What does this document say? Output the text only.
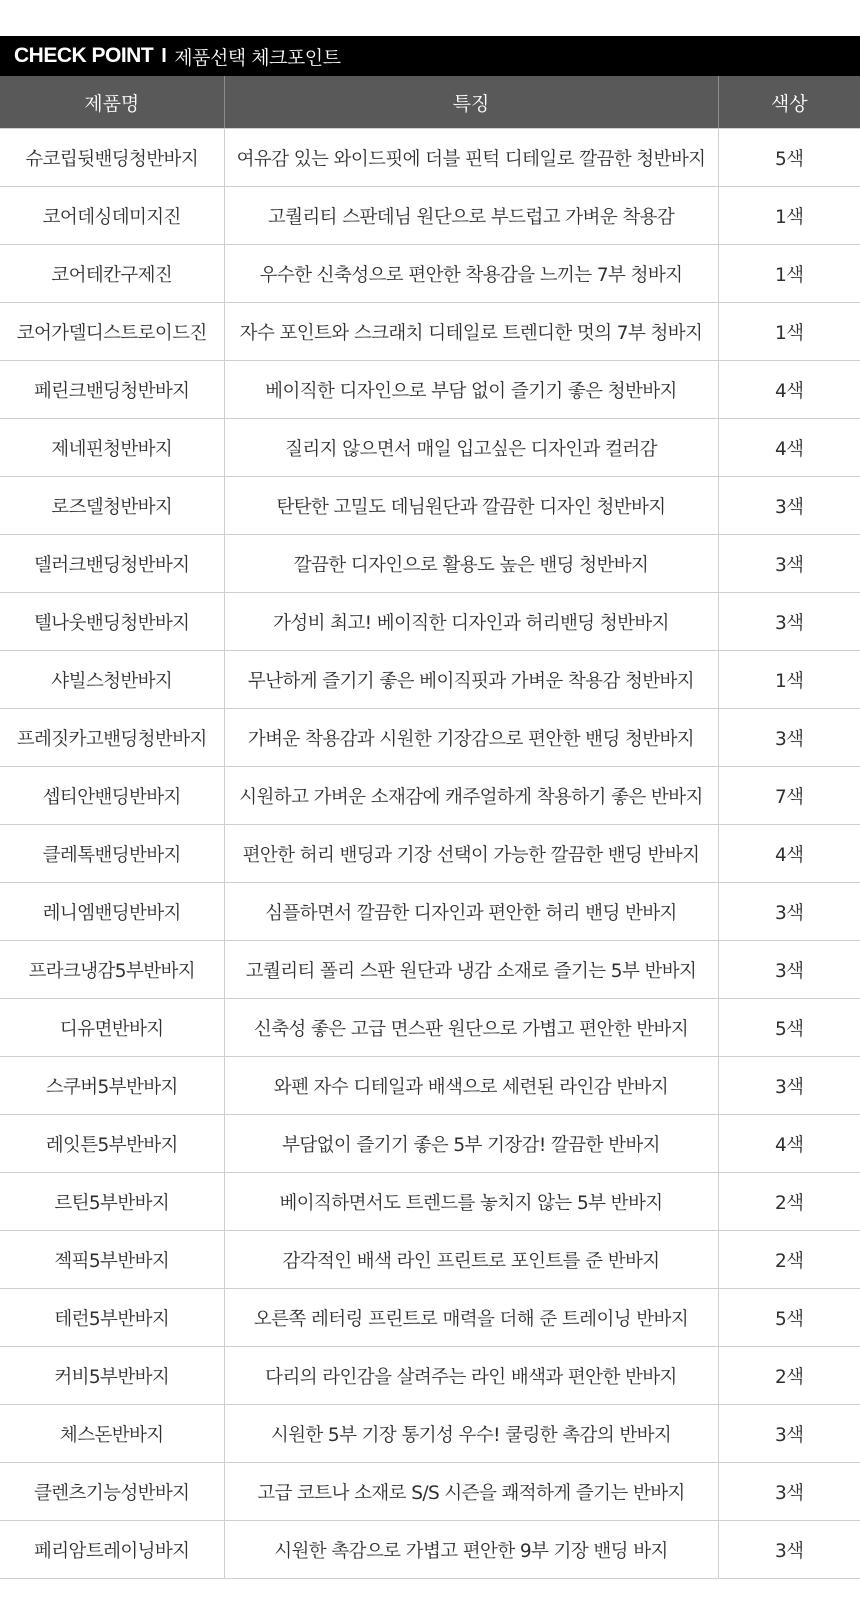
CHECK POINT I 제품선택 체크포인트
제품명	특징	색상
슈코립뒷밴딩청반바지	여유감 있는 와이드핏에 더블 핀턱 디테일로 깔끔한 청반바지	5색
코어데싱데미지진	고퀄리티 스판데님 원단으로 부드럽고 가벼운 착용감	1색
코어테칸구제진	우수한 신축성으로 편안한 착용감을 느끼는 7부 청바지	1색
코어가델디스트로이드진	자수 포인트와 스크래치 디테일로 트렌디한 멋의 7부 청바지	1색
페린크밴딩청반바지	베이직한 디자인으로 부담 없이 즐기기 좋은 청반바지	4색
제네핀청반바지	질리지 않으면서 매일 입고싶은 디자인과 컬러감	4색
로즈델청반바지	탄탄한 고밀도 데님원단과 깔끔한 디자인 청반바지	3색
델러크밴딩청반바지	깔끔한 디자인으로 활용도 높은 밴딩 청반바지	3색
텔나웃밴딩청반바지	가성비 최고! 베이직한 디자인과 허리밴딩 청반바지	3색
샤빌스청반바지	무난하게 즐기기 좋은 베이직핏과 가벼운 착용감 청반바지	1색
프레짓카고밴딩청반바지	가벼운 착용감과 시원한 기장감으로 편안한 밴딩 청반바지	3색
셉티안밴딩반바지	시원하고 가벼운 소재감에 캐주얼하게 착용하기 좋은 반바지	7색
클레톡밴딩반바지	편안한 허리 밴딩과 기장 선택이 가능한 깔끔한 밴딩 반바지	4색
레니엠밴딩반바지	심플하면서 깔끔한 디자인과 편안한 허리 밴딩 반바지	3색
프라크냉감5부반바지	고퀄리티 폴리 스판 원단과 냉감 소재로 즐기는 5부 반바지	3색
디유면반바지	신축성 좋은 고급 면스판 원단으로 가볍고 편안한 반바지	5색
스쿠버5부반바지	와펜 자수 디테일과 배색으로 세련된 라인감 반바지	3색
레잇튼5부반바지	부담없이 즐기기 좋은 5부 기장감! 깔끔한 반바지	4색
르틴5부반바지	베이직하면서도 트렌드를 놓치지 않는 5부 반바지	2색
젝픽5부반바지	감각적인 배색 라인 프린트로 포인트를 준 반바지	2색
테런5부반바지	오른쪽 레터링 프린트로 매력을 더해 준 트레이닝 반바지	5색
커비5부반바지	다리의 라인감을 살려주는 라인 배색과 편안한 반바지	2색
체스돈반바지	시원한 5부 기장 통기성 우수! 쿨링한 촉감의 반바지	3색
클렌츠기능성반바지	고급 코트나 소재로 S/S 시즌을 쾌적하게 즐기는 반바지	3색
페리암트레이닝바지	시원한 촉감으로 가볍고 편안한 9부 기장 밴딩 바지	3색
